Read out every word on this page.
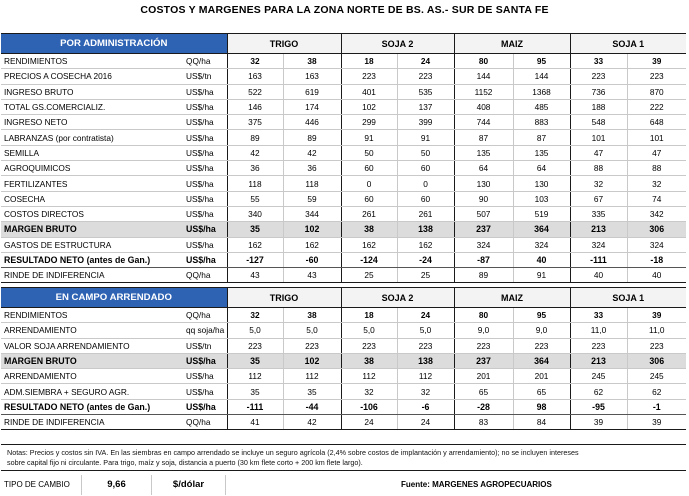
COSTOS Y MARGENES PARA LA ZONA NORTE DE BS. AS.- SUR DE SANTA FE
POR ADMINISTRACIÓN		TRIGO		SOJA 2		MAIZ		SOJA 1	
RENDIMIENTOS	QQ/ha	32	38	18	24	80	95	33	39
PRECIOS A COSECHA 2016	US$/tn	163	163	223	223	144	144	223	223
INGRESO BRUTO	US$/ha	522	619	401	535	1152	1368	736	870
TOTAL GS.COMERCIALIZ.	US$/ha	146	174	102	137	408	485	188	222
INGRESO NETO	US$/ha	375	446	299	399	744	883	548	648
LABRANZAS (por contratista)	US$/ha	89	89	91	91	87	87	101	101
SEMILLA	US$/ha	42	42	50	50	135	135	47	47
AGROQUIMICOS	US$/ha	36	36	60	60	64	64	88	88
FERTILIZANTES	US$/ha	118	118	0	0	130	130	32	32
COSECHA	US$/ha	55	59	60	60	90	103	67	74
COSTOS DIRECTOS	US$/ha	340	344	261	261	507	519	335	342
MARGEN BRUTO	US$/ha	35	102	38	138	237	364	213	306
GASTOS DE ESTRUCTURA	US$/ha	162	162	162	162	324	324	324	324
RESULTADO NETO (antes de Gan.)	US$/ha	-127	-60	-124	-24	-87	40	-111	-18
RINDE DE INDIFERENCIA	QQ/ha	43	43	25	25	89	91	40	40
EN CAMPO ARRENDADO		TRIGO		SOJA 2		MAIZ		SOJA 1	
RENDIMIENTOS	QQ/ha	32	38	18	24	80	95	33	39
ARRENDAMIENTO	qq soja/ha	5,0	5,0	5,0	5,0	9,0	9,0	11,0	11,0
VALOR SOJA ARRENDAMIENTO	US$/tn	223	223	223	223	223	223	223	223
MARGEN BRUTO	US$/ha	35	102	38	138	237	364	213	306
ARRENDAMIENTO	US$/ha	112	112	112	112	201	201	245	245
ADM.SIEMBRA + SEGURO AGR.	US$/ha	35	35	32	32	65	65	62	62
RESULTADO NETO (antes de Gan.)	US$/ha	-111	-44	-106	-6	-28	98	-95	-1
RINDE DE INDIFERENCIA	QQ/ha	41	42	24	24	83	84	39	39
Notas: Precios y costos sin IVA. En las siembras en campo arrendado se incluye un seguro agrícola (2,4% sobre costos de implantación y arrendamiento); no se incluyen intereses
sobre capital fijo ni circulante. Para trigo, maíz y soja, distancia a puerto (30 km flete corto + 200 km flete largo).
TIPO DE CAMBIO	9,66	$/dólar	Fuente: MARGENES AGROPECUARIOS
